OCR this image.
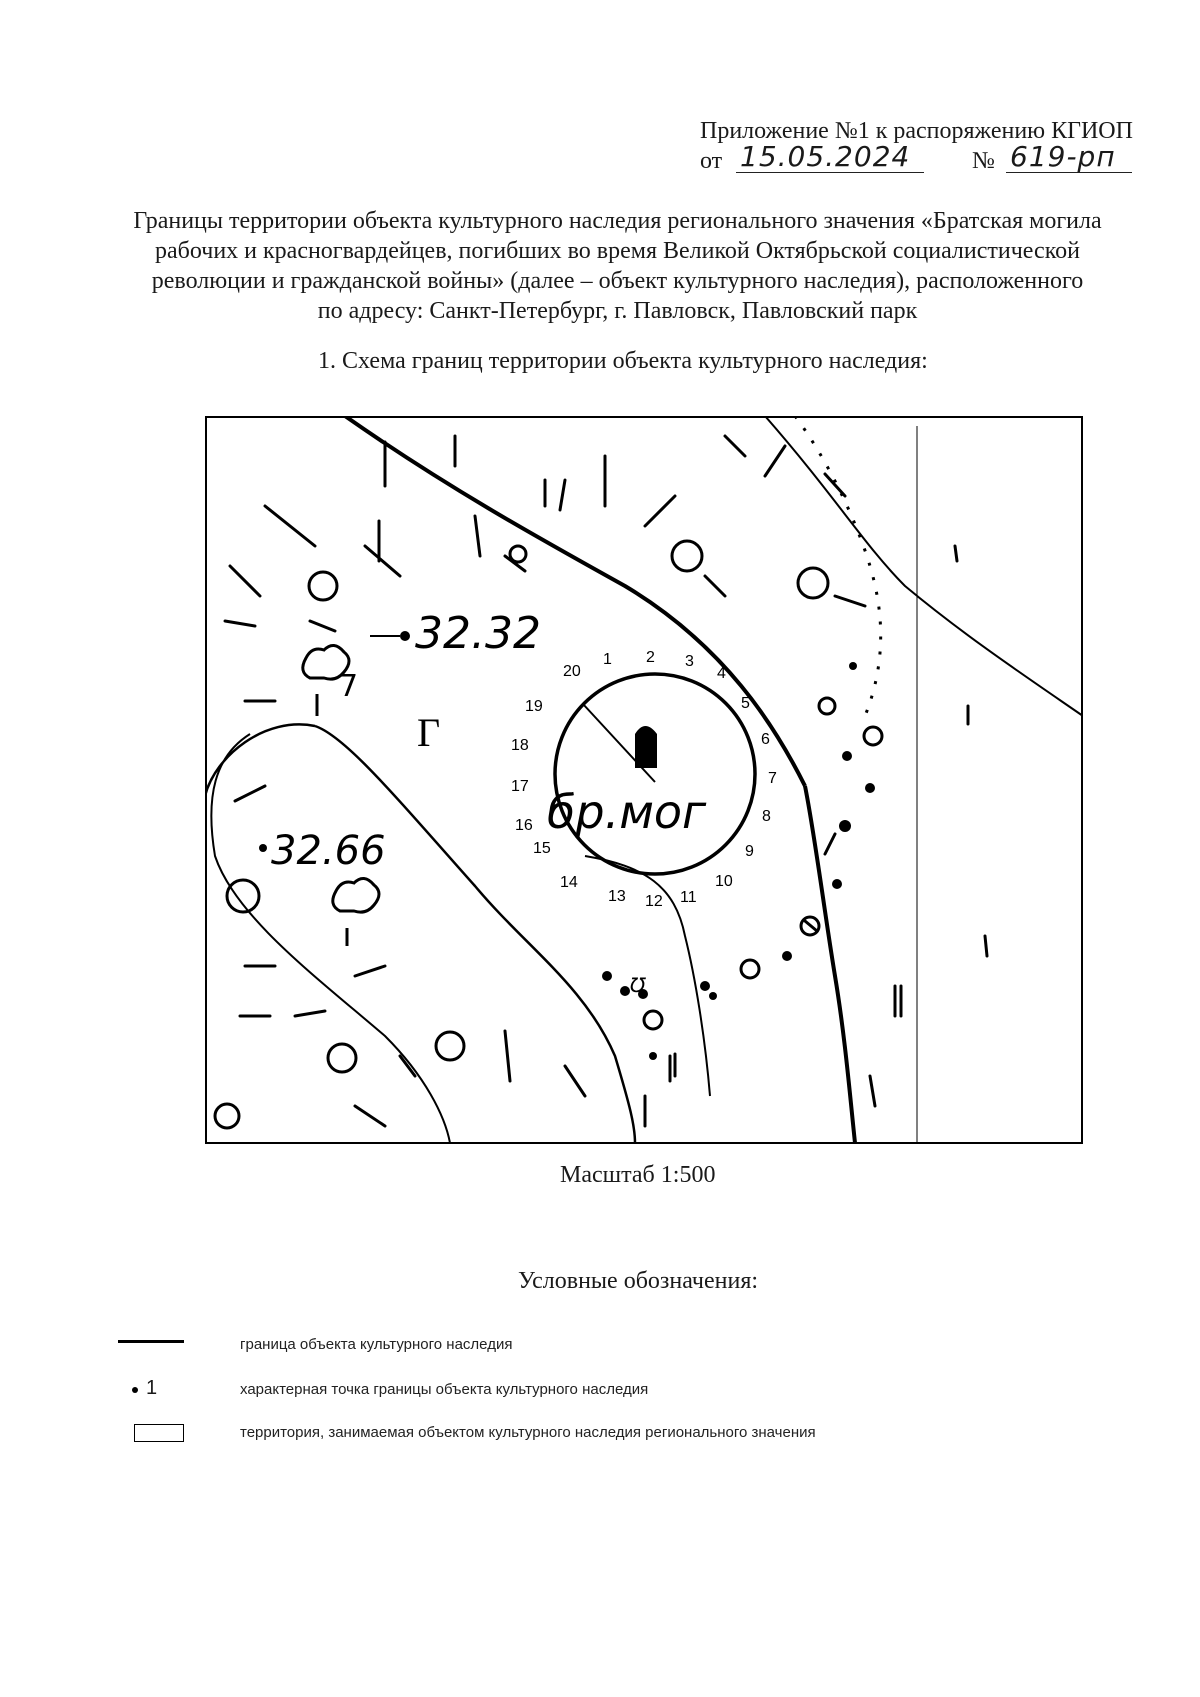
Приложение №1 к распоряжению КГИОП
от 15.05.2024	№ 619-рп
Границы территории объекта культурного наследия регионального значения «Братская могила
рабочих и красногвардейцев, погибших во время Великой Октябрьской социалистической
революции и гражданской войны» (далее – объект культурного наследия), расположенного
по адресу: Санкт-Петербург, г. Павловск, Павловский парк
1. Схема границ территории объекта культурного наследия:
32.32
32.66
Г
7
бр.мог
1 2 3
4
5
6
7
8
9
10
11
12
13
14
15
16
17
18
19
20
℧
Масштаб 1:500
Условные обозначения:
граница объекта культурного наследия
1	характерная точка границы объекта культурного наследия
территория, занимаемая объектом культурного наследия регионального значения
